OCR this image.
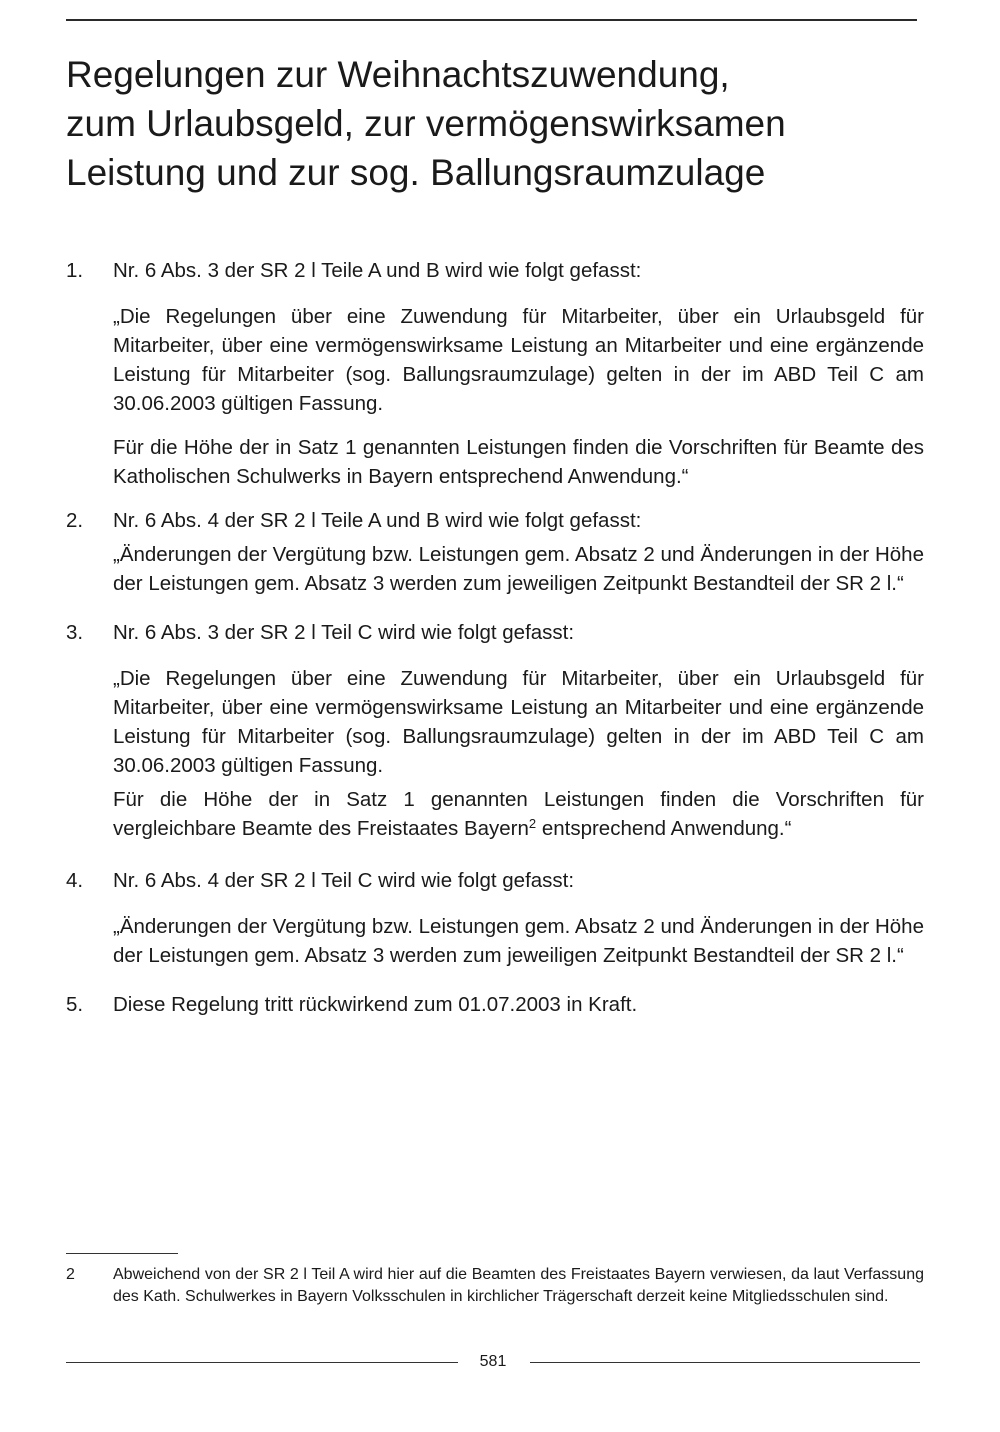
Regelungen zur Weihnachtszuwendung,
zum Urlaubsgeld, zur vermögenswirksamen
Leistung und zur sog. Ballungsraumzulage
1. Nr. 6 Abs. 3 der SR 2 l Teile A und B wird wie folgt gefasst:

„Die Regelungen über eine Zuwendung für Mitarbeiter, über ein Urlaubsgeld für Mitarbeiter, über eine vermögenswirksame Leistung an Mitarbeiter und eine ergänzende Leistung für Mitarbeiter (sog. Ballungsraumzulage) gelten in der im ABD Teil C am 30.06.2003 gültigen Fassung.

Für die Höhe der in Satz 1 genannten Leistungen finden die Vorschriften für Beamte des Katholischen Schulwerks in Bayern entsprechend Anwendung.“

2. Nr. 6 Abs. 4 der SR 2 l Teile A und B wird wie folgt gefasst:

„Änderungen der Vergütung bzw. Leistungen gem. Absatz 2 und Änderungen in der Höhe der Leistungen gem. Absatz 3 werden zum jeweiligen Zeitpunkt Bestandteil der SR 2 l.“

3. Nr. 6 Abs. 3 der SR 2 l Teil C wird wie folgt gefasst:

„Die Regelungen über eine Zuwendung für Mitarbeiter, über ein Urlaubsgeld für Mitarbeiter, über eine vermögenswirksame Leistung an Mitarbeiter und eine ergänzende Leistung für Mitarbeiter (sog. Ballungsraumzulage) gelten in der im ABD Teil C am 30.06.2003 gültigen Fassung.

Für die Höhe der in Satz 1 genannten Leistungen finden die Vorschriften für vergleichbare Beamte des Freistaates Bayern$^2$ entsprechend Anwendung.“

4. Nr. 6 Abs. 4 der SR 2 l Teil C wird wie folgt gefasst:

„Änderungen der Vergütung bzw. Leistungen gem. Absatz 2 und Änderungen in der Höhe der Leistungen gem. Absatz 3 werden zum jeweiligen Zeitpunkt Bestandteil der SR 2 l.“

5. Diese Regelung tritt rückwirkend zum 01.07.2003 in Kraft.

2 Abweichend von der SR 2 l Teil A wird hier auf die Beamten des Freistaates Bayern verwiesen, da laut Verfassung des Kath. Schulwerkes in Bayern Volksschulen in kirchlicher Trägerschaft derzeit keine Mitgliedsschulen sind.
581
